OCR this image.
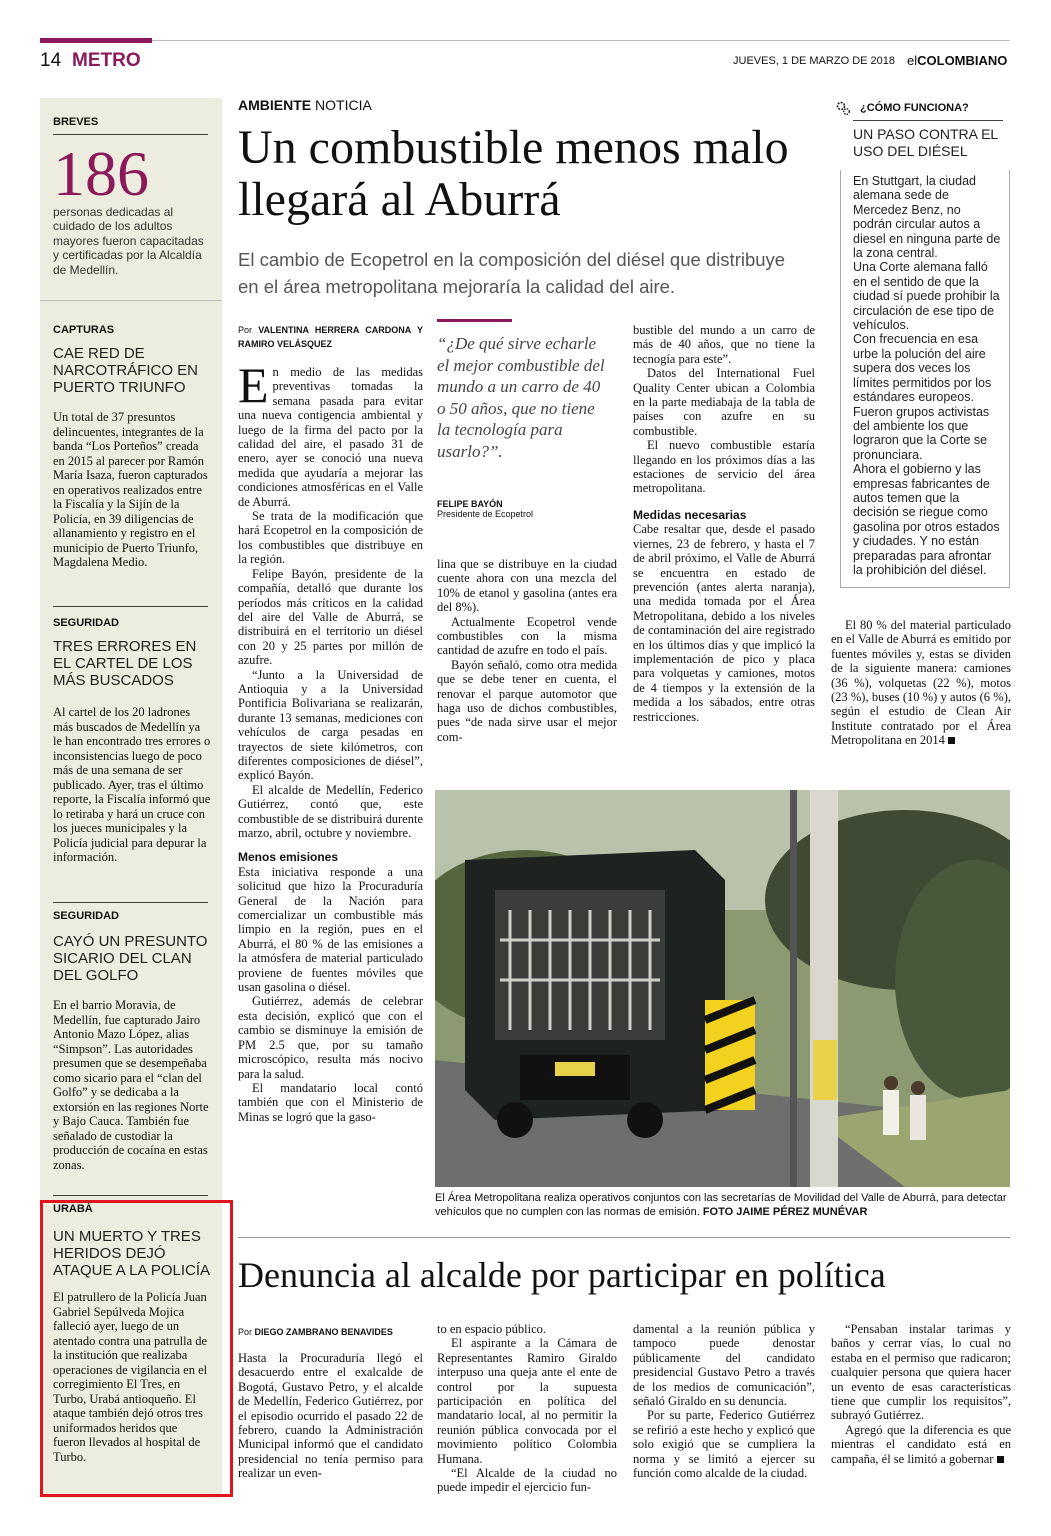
14 METRO	JUEVES, 1 DE MARZO DE 2018 elCOLOMBIANO
BREVES
186
personas dedicadas al cuidado de los adultos mayores fueron capacitadas y certificadas por la Alcaldía de Medellín.
CAPTURAS
CAE RED DE NARCOTRÁFICO EN PUERTO TRIUNFO
Un total de 37 presuntos delincuentes, integrantes de la banda “Los Porteños” creada en 2015 al parecer por Ramón María Isaza, fueron capturados en operativos realizados entre la Fiscalía y la Sijín de la Policía, en 39 diligencias de allanamiento y registro en el municipio de Puerto Triunfo, Magdalena Medio.
SEGURIDAD
TRES ERRORES EN EL CARTEL DE LOS MÁS BUSCADOS
Al cartel de los 20 ladrones más buscados de Medellín ya le han encontrado tres errores o inconsistencias luego de poco más de una semana de ser publicado. Ayer, tras el último reporte, la Fiscalía informó que lo retiraba y hará un cruce con los jueces municipales y la Policía judicial para depurar la información.
SEGURIDAD
CAYÓ UN PRESUNTO SICARIO DEL CLAN DEL GOLFO
En el barrio Moravia, de Medellín, fue capturado Jairo Antonio Mazo López, alias “Simpson”. Las autoridades presumen que se desempeñaba como sicario para el “clan del Golfo” y se dedicaba a la extorsión en las regiones Norte y Bajo Cauca. También fue señalado de custodiar la producción de cocaína en estas zonas.
URABÁ
UN MUERTO Y TRES HERIDOS DEJÓ ATAQUE A LA POLICÍA
El patrullero de la Policía Juan Gabriel Sepúlveda Mojica falleció ayer, luego de un atentado contra una patrulla de la institución que realizaba operaciones de vigilancia en el corregimiento El Tres, en Turbo, Urabá antioqueño. El ataque también dejó otros tres uniformados heridos que fueron llevados al hospital de Turbo.
AMBIENTE NOTICIA
Un combustible menos malo llegará al Aburrá
El cambio de Ecopetrol en la composición del diésel que distribuye en el área metropolitana mejoraría la calidad del aire.
Por VALENTINA HERRERA CARDONA Y RAMIRO VELÁSQUEZ

En medio de las medidas preventivas tomadas la semana pasada para evitar una nueva contigencia ambiental y luego de la firma del pacto por la calidad del aire, el pasado 31 de enero, ayer se conoció una nueva medida que ayudaría a mejorar las condiciones atmosféricas en el Valle de Aburrá.

Se trata de la modificación que hará Ecopetrol en la composición de los combustibles que distribuye en la región.

Felipe Bayón, presidente de la compañía, detalló que durante los períodos más críticos en la calidad del aire del Valle de Aburrá, se distribuirá en el territorio un diésel con 20 y 25 partes por millón de azufre.

“Junto a la Universidad de Antioquia y a la Universidad Pontificia Bolivariana se realizarán, durante 13 semanas, mediciones con vehículos de carga pesadas en trayectos de siete kilómetros, con diferentes composiciones de diésel”, explicó Bayón.

El alcalde de Medellín, Federico Gutiérrez, contó que, este combustible de se distribuirá durente marzo, abril, octubre y noviembre.

Menos emisiones

Esta iniciativa responde a una solicitud que hizo la Procuraduría General de la Nación para comercializar un combustible más limpio en la región, pues en el Aburrá, el 80 % de las emisiones a la atmósfera de material particulado proviene de fuentes móviles que usan gasolina o diésel.

Gutiérrez, además de celebrar esta decisión, explicó que con el cambio se disminuye la emisión de PM 2.5 que, por su tamaño microscópico, resulta más nocivo para la salud.

El mandatario local contó también que con el Ministerio de Minas se logró que la gaso-

“¿De qué sirve echarle el mejor combustible del mundo a un carro de 40 o 50 años, que no tiene la tecnología para usarlo?”.
FELIPE BAYÓN
Presidente de Ecopetrol

lina que se distribuye en la ciudad cuente ahora con una mezcla del 10% de etanol y gasolina (antes era del 8%).

Actualmente Ecopetrol vende combustibles con la misma cantidad de azufre en todo el país.

Bayón señaló, como otra medida que se debe tener en cuenta, el renovar el parque automotor que haga uso de dichos combustibles, pues “de nada sirve usar el mejor com-

bustible del mundo a un carro de más de 40 años, que no tiene la tecnogía para este”.

Datos del International Fuel Quality Center ubican a Colombia en la parte mediabaja de la tabla de países con azufre en su combustible.

El nuevo combustible estaría llegando en los próximos días a las estaciones de servicio del área metropolitana.

Medidas necesarias

Cabe resaltar que, desde el pasado viernes, 23 de febrero, y hasta el 7 de abril próximo, el Valle de Aburrá se encuentra en estado de prevención (antes alerta naranja), una medida tomada por el Área Metropolitana, debido a los niveles de contaminación del aire registrado en los últimos días y que implicó la implementación de pico y placa para volquetas y camiones, motos de 4 tiempos y la extensión de la medida a los sábados, entre otras restricciones.

¿CÓMO FUNCIONA?
UN PASO CONTRA EL USO DEL DIÉSEL
En Stuttgart, la ciudad alemana sede de Mercedez Benz, no podrán circular autos a diesel en ninguna parte de la zona central.
Una Corte alemana falló en el sentido de que la ciudad sí puede prohibir la circulación de ese tipo de vehículos.
Con frecuencia en esa urbe la polución del aire supera dos veces los límites permitidos por los estándares europeos.
Fueron grupos activistas del ambiente los que lograron que la Corte se pronunciara.
Ahora el gobierno y las empresas fabricantes de autos temen que la decisión se riegue como gasolina por otros estados y ciudades. Y no están preparadas para afrontar la prohibición del diésel.

El 80 % del material particulado en el Valle de Aburrá es emitido por fuentes móviles y, estas se dividen de la siguiente manera: camiones (36 %), volquetas (22 %), motos (23 %), buses (10 %) y autos (6 %), según el estudio de Clean Air Institute contratado por el Área Metropolitana en 2014

El Área Metropolitana realiza operativos conjuntos con las secretarías de Movilidad del Valle de Aburrá, para detectar vehículos que no cumplen con las normas de emisión. FOTO JAIME PÉREZ MUNÉVAR
Denuncia al alcalde por participar en política
Por DIEGO ZAMBRANO BENAVIDES

Hasta la Procuraduría llegó el desacuerdo entre el exalcalde de Bogotá, Gustavo Petro, y el alcalde de Medellín, Federico Gutiérrez, por el episodio ocurrido el pasado 22 de febrero, cuando la Administración Municipal informó que el candidato presidencial no tenía permiso para realizar un even-

to en espacio público.

El aspirante a la Cámara de Representantes Ramiro Giraldo interpuso una queja ante el ente de control por la supuesta participación en política del mandatario local, al no permitir la reunión pública convocada por el movimiento político Colombia Humana.

“El Alcalde de la ciudad no puede impedir el ejercicio fun-

damental a la reunión pública y tampoco puede denostar públicamente del candidato presidencial Gustavo Petro a través de los medios de comunicación”, señaló Giraldo en su denuncia.

Por su parte, Federico Gutiérrez se refirió a este hecho y explicó que solo exigió que se cumpliera la norma y se limitó a ejercer su función como alcalde de la ciudad.

“Pensaban instalar tarimas y baños y cerrar vías, lo cual no estaba en el permiso que radicaron; cualquier persona que quiera hacer un evento de esas características tiene que cumplir los requisitos”, subrayó Gutiérrez.

Agregó que la diferencia es que mientras el candidato está en campaña, él se limitó a gobernar
